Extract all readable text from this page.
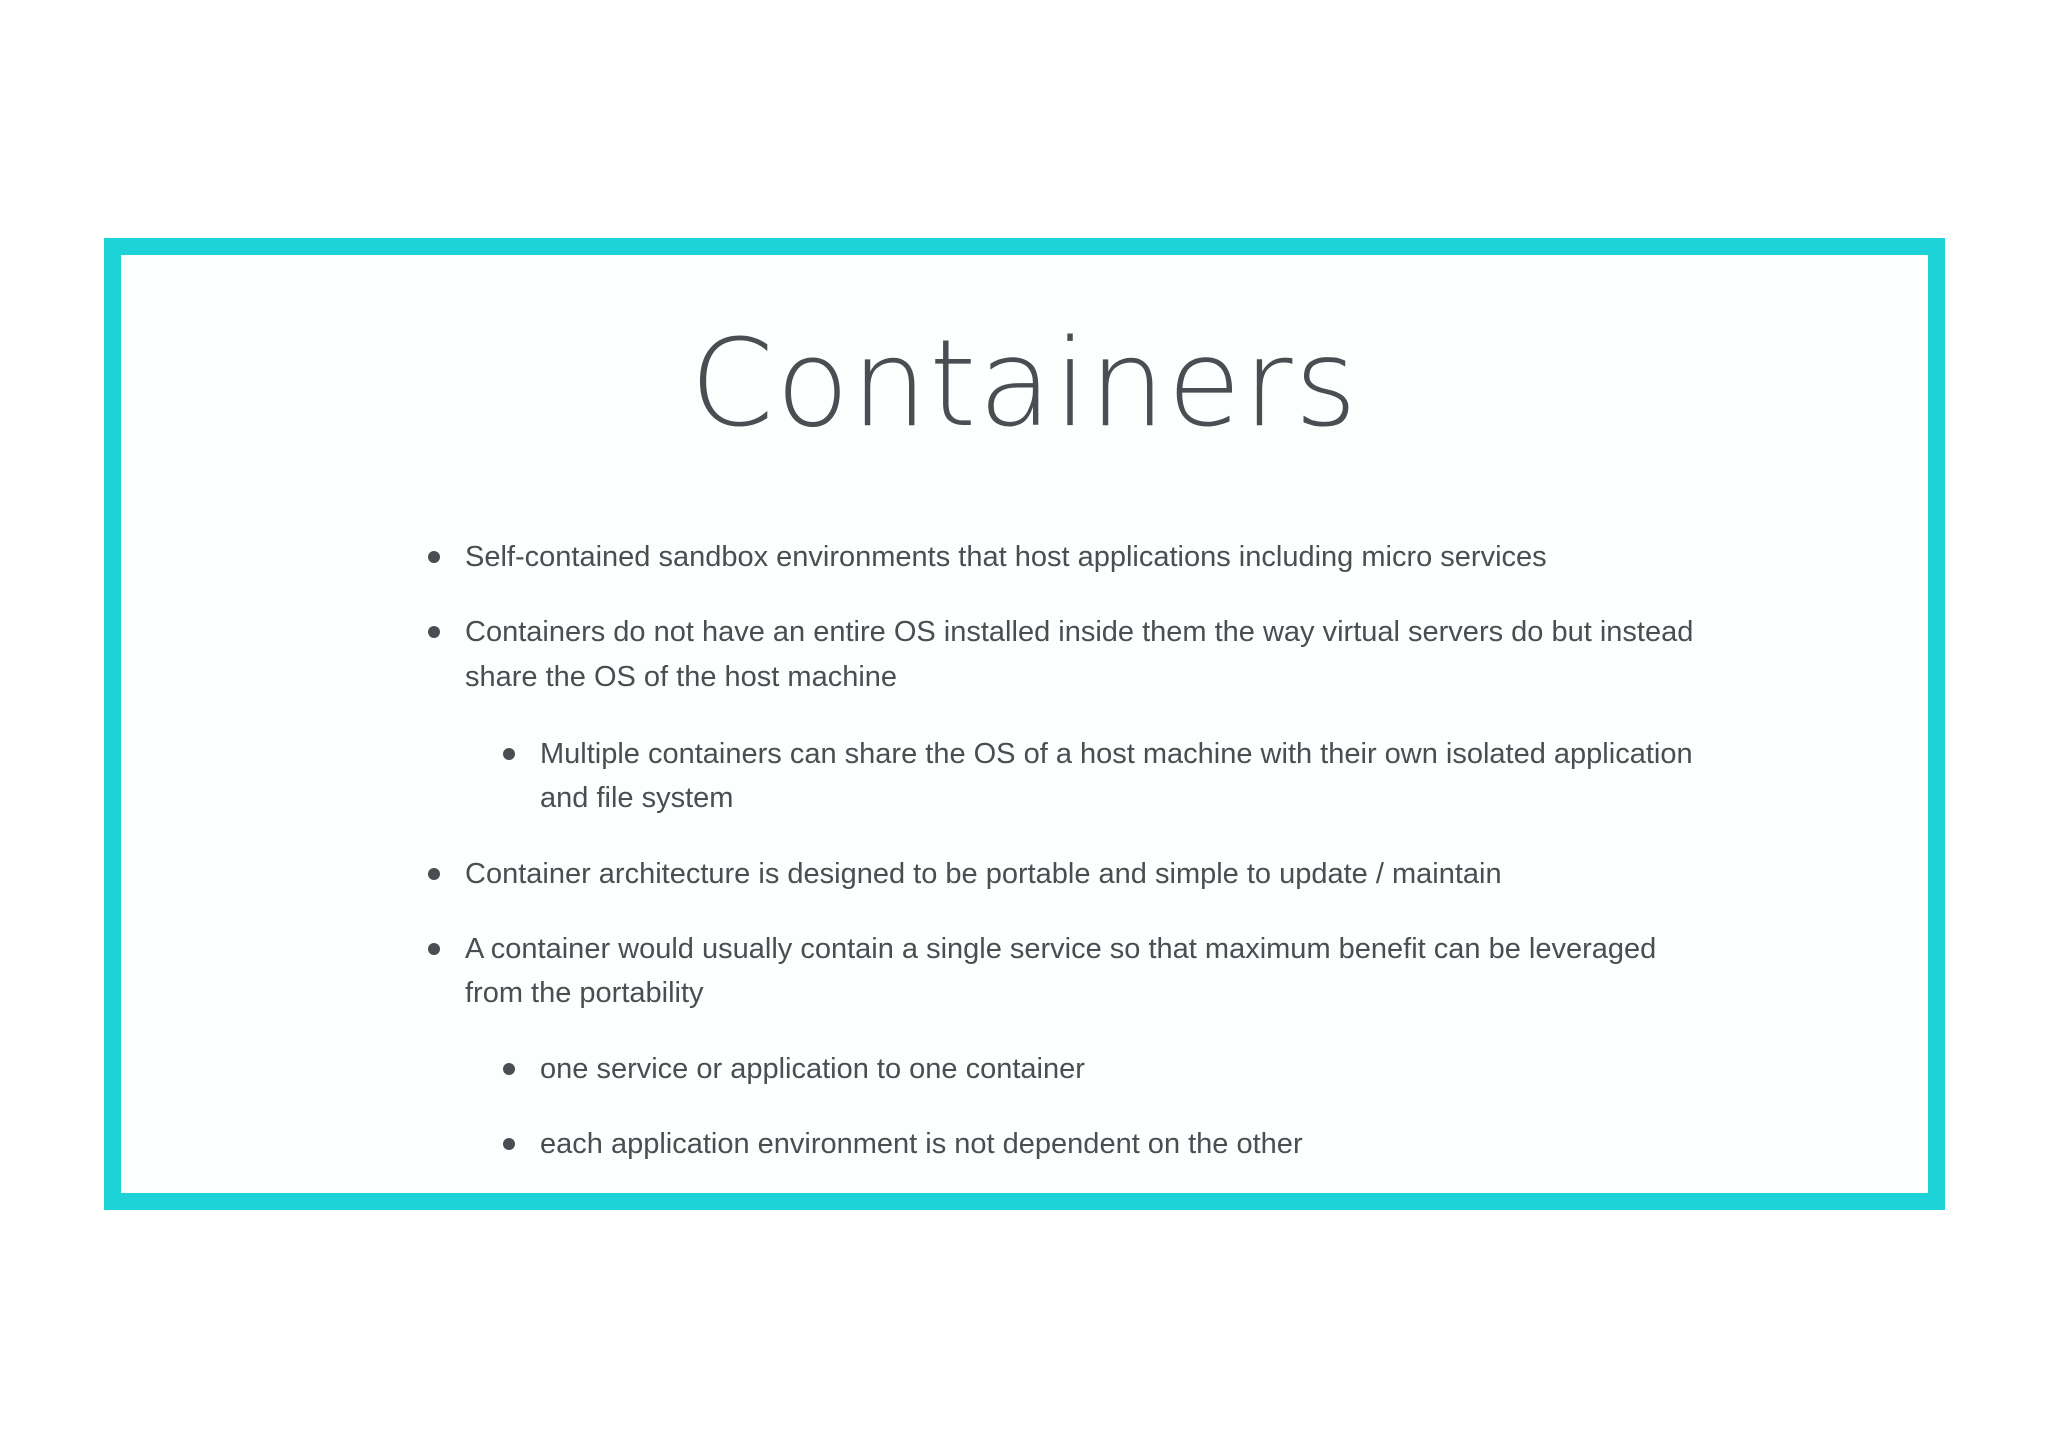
Containers
Self-contained sandbox environments that host applications including micro services
Containers do not have an entire OS installed inside them the way virtual servers do but instead share the OS of the host machine
Multiple containers can share the OS of a host machine with their own isolated application and file system
Container architecture is designed to be portable and simple to update / maintain
A container would usually contain a single service so that maximum benefit can be leveraged from the portability
one service or application to one container
each application environment is not dependent on the other
